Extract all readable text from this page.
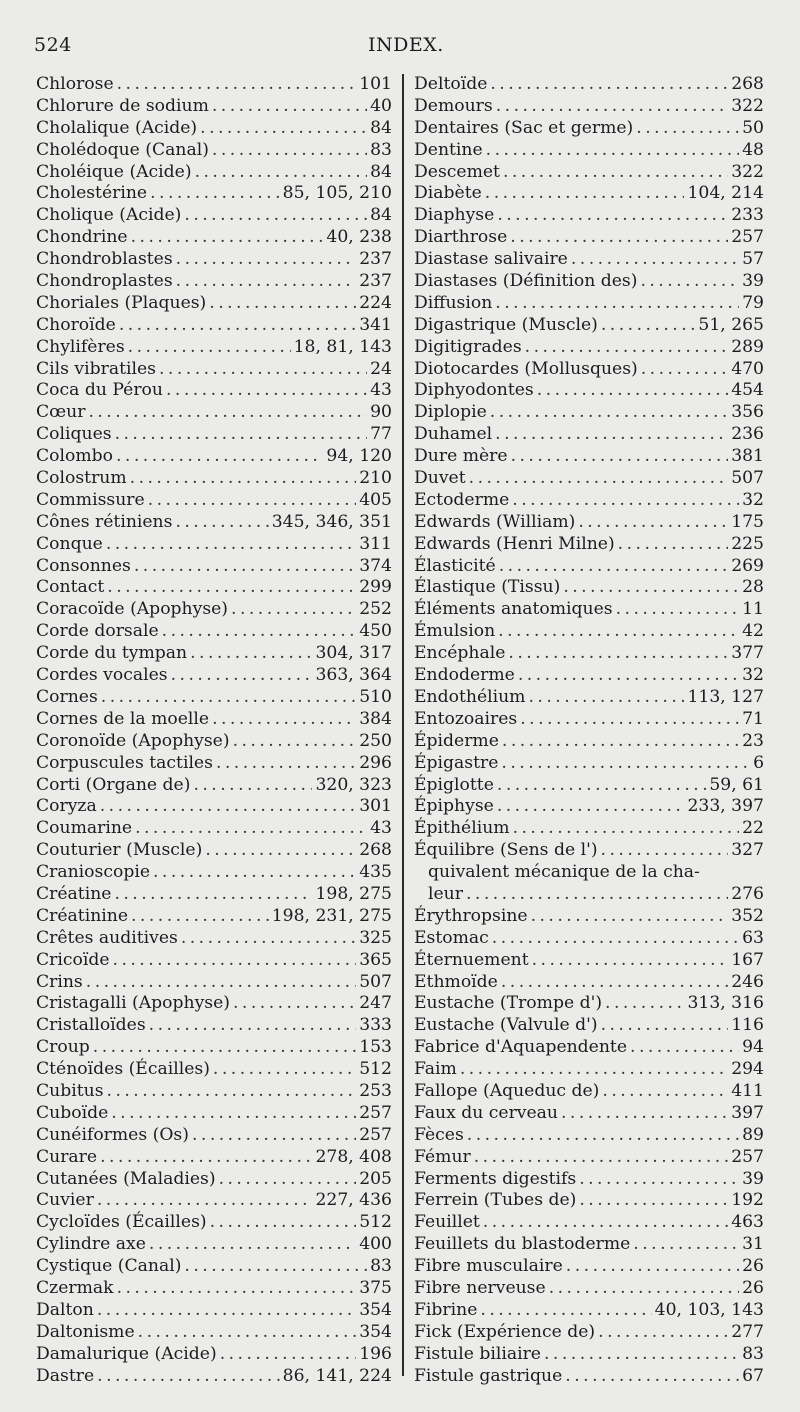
524	INDEX.
Chlorose . . .	101
Chlorure de sodium . . .	40
Cholalique (Acide) . . .	84
Cholédoque (Canal) . . .	83
Choléique (Acide) . . .	84
Cholestérine . . .	85, 105, 210
Cholique (Acide) . . .	84
Chondrine . . .	40, 238
Chondroblastes . . .	237
Chondroplastes . . .	237
Choriales (Plaques) . . .	224
Choroïde . . .	341
Chylifères . . .	18, 81, 143
Cils vibratiles . . .	24
Coca du Pérou . . .	43
Cœur . . .	90
Coliques . . .	77
Colombo . . .	94, 120
Colostrum . . .	210
Commissure . . .	405
Cônes rétiniens . . .	345, 346, 351
Conque . . .	311
Consonnes . . .	374
Contact . . .	299
Coracoïde (Apophyse) . . .	252
Corde dorsale . . .	450
Corde du tympan . . .	304, 317
Cordes vocales . . .	363, 364
Cornes . . .	510
Cornes de la moelle . . .	384
Coronoïde (Apophyse) . . .	250
Corpuscules tactiles . . .	296
Corti (Organe de) . . .	320, 323
Coryza . . .	301
Coumarine . . .	43
Couturier (Muscle) . . .	268
Cranioscopie . . .	435
Créatine . . .	198, 275
Créatinine . . .	198, 231, 275
Crêtes auditives . . .	325
Cricoïde . . .	365
Crins . . .	507
Cristagalli (Apophyse) . . .	247
Cristalloïdes . . .	333
Croup . . .	153
Cténoïdes (Écailles) . . .	512
Cubitus . . .	253
Cuboïde . . .	257
Cunéiformes (Os) . . .	257
Curare . . .	278, 408
Cutanées (Maladies) . . .	205
Cuvier . . .	227, 436
Cycloïdes (Écailles) . . .	512
Cylindre axe . . .	400
Cystique (Canal) . . .	83
Czermak . . .	375
Dalton . . .	354
Daltonisme . . .	354
Damalurique (Acide) . . .	196
Dastre . . .	86, 141, 224
Deltoïde . . .	268
Demours . . .	322
Dentaires (Sac et germe) . . .	50
Dentine . . .	48
Descemet . . .	322
Diabète . . .	104, 214
Diaphyse . . .	233
Diarthrose . . .	257
Diastase salivaire . . .	57
Diastases (Définition des) . . .	39
Diffusion . . .	79
Digastrique (Muscle) . . .	51, 265
Digitigrades . . .	289
Diotocardes (Mollusques) . . .	470
Diphyodontes . . .	454
Diplopie . . .	356
Duhamel . . .	236
Dure mère . . .	381
Duvet . . .	507
Ectoderme . . .	32
Edwards (William) . . .	175
Edwards (Henri Milne) . . .	225
Élasticité . . .	269
Élastique (Tissu) . . .	28
Éléments anatomiques . . .	11
Émulsion . . .	42
Encéphale . . .	377
Endoderme . . .	32
Endothélium . . .	113, 127
Entozoaires . . .	71
Épiderme . . .	23
Épigastre . . .	6
Épiglotte . . .	59, 61
Épiphyse . . .	233, 397
Épithélium . . .	22
Équilibre (Sens de l') . . .	327
quivalent mécanique de la cha-
leur . . .	276
Érythropsine . . .	352
Estomac . . .	63
Éternuement . . .	167
Ethmoïde . . .	246
Eustache (Trompe d') . . .	313, 316
Eustache (Valvule d') . . .	116
Fabrice d'Aquapendente . . .	94
Faim . . .	294
Fallope (Aqueduc de) . . .	411
Faux du cerveau . . .	397
Fèces . . .	89
Fémur . . .	257
Ferments digestifs . . .	39
Ferrein (Tubes de) . . .	192
Feuillet . . .	463
Feuillets du blastoderme . . .	31
Fibre musculaire . . .	26
Fibre nerveuse . . .	26
Fibrine . . .	40, 103, 143
Fick (Expérience de) . . .	277
Fistule biliaire . . .	83
Fistule gastrique . . .	67
